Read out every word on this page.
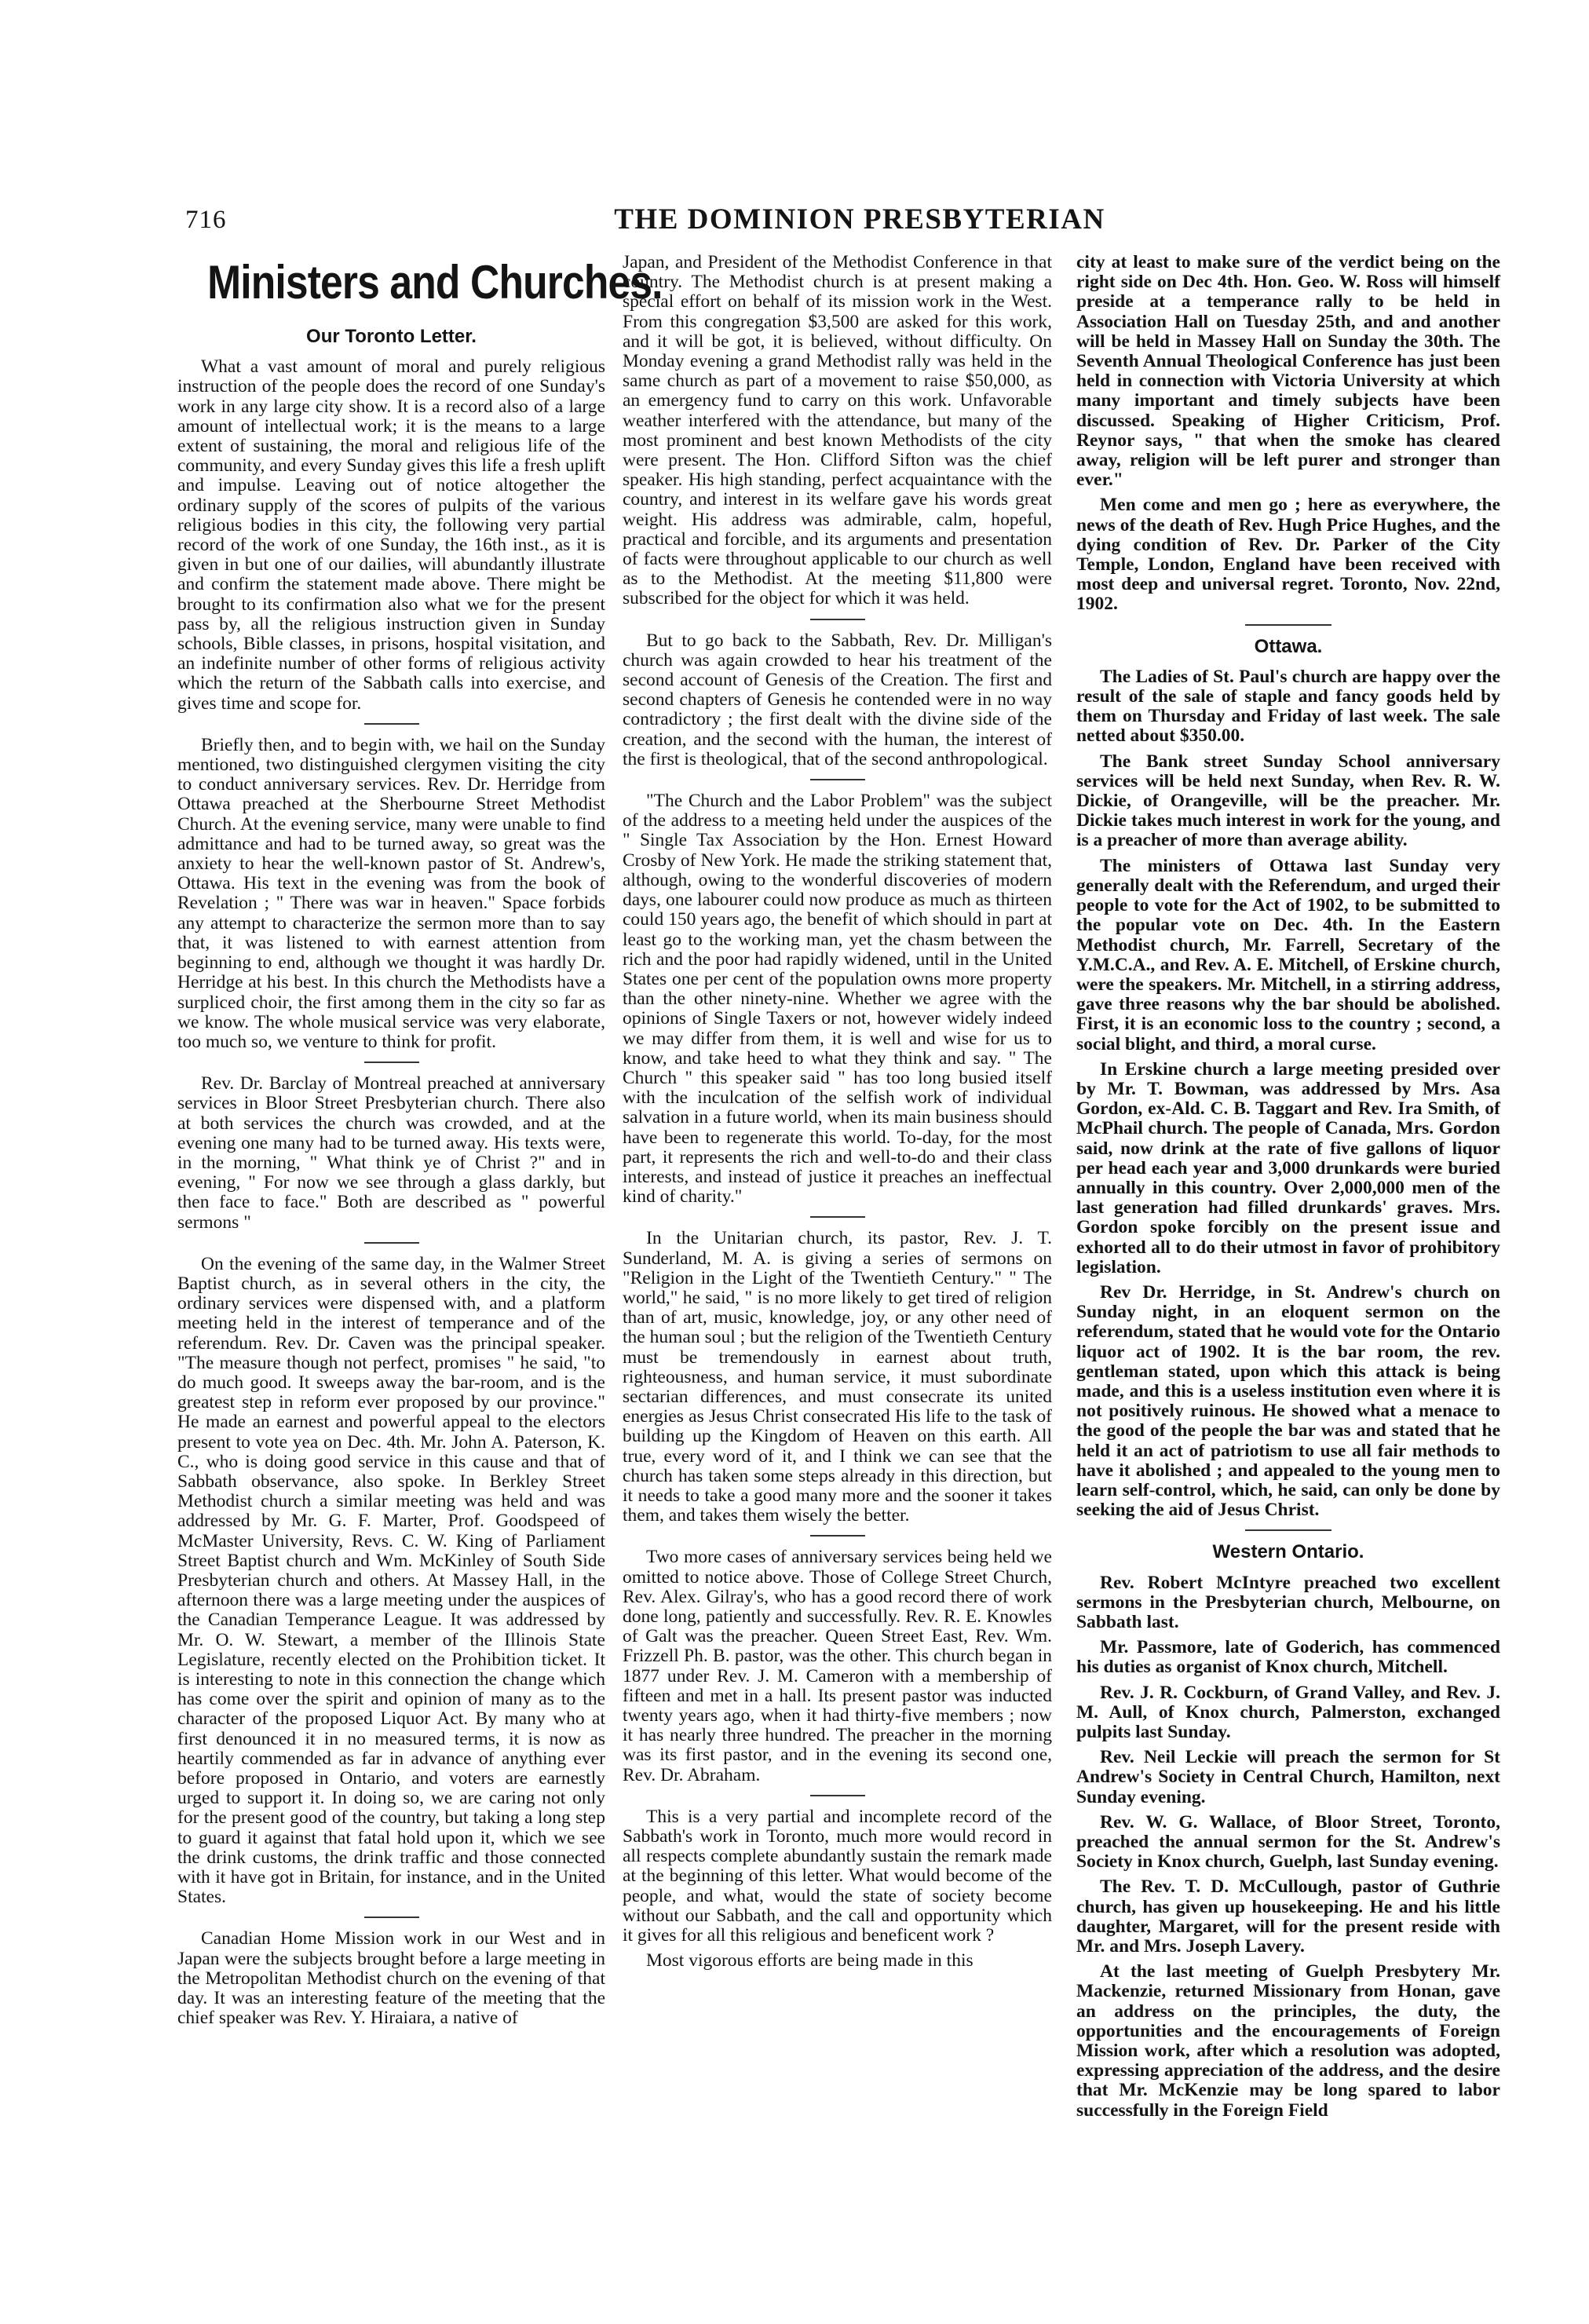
716	THE DOMINION PRESBYTERIAN
Ministers and Churches.
Our Toronto Letter.

What a vast amount of moral and purely religious instruction of the people does the record of one Sunday's work in any large city show. It is a record also of a large amount of intellectual work; it is the means to a large extent of sustaining, the moral and religious life of the community, and every Sunday gives this life a fresh uplift and impulse. Leaving out of notice altogether the ordinary supply of the scores of pulpits of the various religious bodies in this city, the following very partial record of the work of one Sunday, the 16th inst., as it is given in but one of our dailies, will abundantly illustrate and confirm the statement made above. There might be brought to its confirmation also what we for the present pass by, all the religious instruction given in Sunday schools, Bible classes, in prisons, hospital visitation, and an indefinite number of other forms of religious activity which the return of the Sabbath calls into exercise, and gives time and scope for.

Briefly then, and to begin with, we hail on the Sunday mentioned, two distinguished clergymen visiting the city to conduct anniversary services. Rev. Dr. Herridge from Ottawa preached at the Sherbourne Street Methodist Church. At the evening service, many were unable to find admittance and had to be turned away, so great was the anxiety to hear the well-known pastor of St. Andrew's, Ottawa. His text in the evening was from the book of Revelation ; " There was war in heaven." Space forbids any attempt to characterize the sermon more than to say that, it was listened to with earnest attention from beginning to end, although we thought it was hardly Dr. Herridge at his best. In this church the Methodists have a surpliced choir, the first among them in the city so far as we know. The whole musical service was very elaborate, too much so, we venture to think for profit.

Rev. Dr. Barclay of Montreal preached at anniversary services in Bloor Street Presbyterian church. There also at both services the church was crowded, and at the evening one many had to be turned away. His texts were, in the morning, " What think ye of Christ ?" and in evening, " For now we see through a glass darkly, but then face to face." Both are described as " powerful sermons "

On the evening of the same day, in the Walmer Street Baptist church, as in several others in the city, the ordinary services were dispensed with, and a platform meeting held in the interest of temperance and of the referendum. Rev. Dr. Caven was the principal speaker. "The measure though not perfect, promises " he said, "to do much good. It sweeps away the bar-room, and is the greatest step in reform ever proposed by our province." He made an earnest and powerful appeal to the electors present to vote yea on Dec. 4th. Mr. John A. Paterson, K. C., who is doing good service in this cause and that of Sabbath observance, also spoke. In Berkley Street Methodist church a similar meeting was held and was addressed by Mr. G. F. Marter, Prof. Goodspeed of McMaster University, Revs. C. W. King of Parliament Street Baptist church and Wm. McKinley of South Side Presbyterian church and others. At Massey Hall, in the afternoon there was a large meeting under the auspices of the Canadian Temperance League. It was addressed by Mr. O. W. Stewart, a member of the Illinois State Legislature, recently elected on the Prohibition ticket. It is interesting to note in this connection the change which has come over the spirit and opinion of many as to the character of the proposed Liquor Act. By many who at first denounced it in no measured terms, it is now as heartily commended as far in advance of anything ever before proposed in Ontario, and voters are earnestly urged to support it. In doing so, we are caring not only for the present good of the country, but taking a long step to guard it against that fatal hold upon it, which we see the drink customs, the drink traffic and those connected with it have got in Britain, for instance, and in the United States.

Canadian Home Mission work in our West and in Japan were the subjects brought before a large meeting in the Metropolitan Methodist church on the evening of that day. It was an interesting feature of the meeting that the chief speaker was Rev. Y. Hiraiara, a native of

Japan, and President of the Methodist Conference in that country. The Methodist church is at present making a special effort on behalf of its mission work in the West. From this congregation $3,500 are asked for this work, and it will be got, it is believed, without difficulty. On Monday evening a grand Methodist rally was held in the same church as part of a movement to raise $50,000, as an emergency fund to carry on this work. Unfavorable weather interfered with the attendance, but many of the most prominent and best known Methodists of the city were present. The Hon. Clifford Sifton was the chief speaker. His high standing, perfect acquaintance with the country, and interest in its welfare gave his words great weight. His address was admirable, calm, hopeful, practical and forcible, and its arguments and presentation of facts were throughout applicable to our church as well as to the Methodist. At the meeting $11,800 were subscribed for the object for which it was held.

But to go back to the Sabbath, Rev. Dr. Milligan's church was again crowded to hear his treatment of the second account of Genesis of the Creation. The first and second chapters of Genesis he contended were in no way contradictory ; the first dealt with the divine side of the creation, and the second with the human, the interest of the first is theological, that of the second anthropological.

"The Church and the Labor Problem" was the subject of the address to a meeting held under the auspices of the " Single Tax Association by the Hon. Ernest Howard Crosby of New York. He made the striking statement that, although, owing to the wonderful discoveries of modern days, one labourer could now produce as much as thirteen could 150 years ago, the benefit of which should in part at least go to the working man, yet the chasm between the rich and the poor had rapidly widened, until in the United States one per cent of the population owns more property than the other ninety-nine. Whether we agree with the opinions of Single Taxers or not, however widely indeed we may differ from them, it is well and wise for us to know, and take heed to what they think and say. " The Church " this speaker said " has too long busied itself with the inculcation of the selfish work of individual salvation in a future world, when its main business should have been to regenerate this world. To-day, for the most part, it represents the rich and well-to-do and their class interests, and instead of justice it preaches an ineffectual kind of charity."

In the Unitarian church, its pastor, Rev. J. T. Sunderland, M. A. is giving a series of sermons on "Religion in the Light of the Twentieth Century." " The world," he said, " is no more likely to get tired of religion than of art, music, knowledge, joy, or any other need of the human soul ; but the religion of the Twentieth Century must be tremendously in earnest about truth, righteousness, and human service, it must subordinate sectarian differences, and must consecrate its united energies as Jesus Christ consecrated His life to the task of building up the Kingdom of Heaven on this earth. All true, every word of it, and I think we can see that the church has taken some steps already in this direction, but it needs to take a good many more and the sooner it takes them, and takes them wisely the better.

Two more cases of anniversary services being held we omitted to notice above. Those of College Street Church, Rev. Alex. Gilray's, who has a good record there of work done long, patiently and successfully. Rev. R. E. Knowles of Galt was the preacher. Queen Street East, Rev. Wm. Frizzell Ph. B. pastor, was the other. This church began in 1877 under Rev. J. M. Cameron with a membership of fifteen and met in a hall. Its present pastor was inducted twenty years ago, when it had thirty-five members ; now it has nearly three hundred. The preacher in the morning was its first pastor, and in the evening its second one, Rev. Dr. Abraham.

This is a very partial and incomplete record of the Sabbath's work in Toronto, much more would record in all respects complete abundantly sustain the remark made at the beginning of this letter. What would become of the people, and what, would the state of society become without our Sabbath, and the call and opportunity which it gives for all this religious and beneficent work ?

Most vigorous efforts are being made in this

city at least to make sure of the verdict being on the right side on Dec 4th. Hon. Geo. W. Ross will himself preside at a temperance rally to be held in Association Hall on Tuesday 25th, and and another will be held in Massey Hall on Sunday the 30th. The Seventh Annual Theological Conference has just been held in connection with Victoria University at which many important and timely subjects have been discussed. Speaking of Higher Criticism, Prof. Reynor says, " that when the smoke has cleared away, religion will be left purer and stronger than ever."

Men come and men go ; here as everywhere, the news of the death of Rev. Hugh Price Hughes, and the dying condition of Rev. Dr. Parker of the City Temple, London, England have been received with most deep and universal regret. Toronto, Nov. 22nd, 1902.

Ottawa.

The Ladies of St. Paul's church are happy over the result of the sale of staple and fancy goods held by them on Thursday and Friday of last week. The sale netted about $350.00.

The Bank street Sunday School anniversary services will be held next Sunday, when Rev. R. W. Dickie, of Orangeville, will be the preacher. Mr. Dickie takes much interest in work for the young, and is a preacher of more than average ability.

The ministers of Ottawa last Sunday very generally dealt with the Referendum, and urged their people to vote for the Act of 1902, to be submitted to the popular vote on Dec. 4th. In the Eastern Methodist church, Mr. Farrell, Secretary of the Y.M.C.A., and Rev. A. E. Mitchell, of Erskine church, were the speakers. Mr. Mitchell, in a stirring address, gave three reasons why the bar should be abolished. First, it is an economic loss to the country ; second, a social blight, and third, a moral curse.

In Erskine church a large meeting presided over by Mr. T. Bowman, was addressed by Mrs. Asa Gordon, ex-Ald. C. B. Taggart and Rev. Ira Smith, of McPhail church. The people of Canada, Mrs. Gordon said, now drink at the rate of five gallons of liquor per head each year and 3,000 drunkards were buried annually in this country. Over 2,000,000 men of the last generation had filled drunkards' graves. Mrs. Gordon spoke forcibly on the present issue and exhorted all to do their utmost in favor of prohibitory legislation.

Rev Dr. Herridge, in St. Andrew's church on Sunday night, in an eloquent sermon on the referendum, stated that he would vote for the Ontario liquor act of 1902. It is the bar room, the rev. gentleman stated, upon which this attack is being made, and this is a useless institution even where it is not positively ruinous. He showed what a menace to the good of the people the bar was and stated that he held it an act of patriotism to use all fair methods to have it abolished ; and appealed to the young men to learn self-control, which, he said, can only be done by seeking the aid of Jesus Christ.

Western Ontario.

Rev. Robert McIntyre preached two excellent sermons in the Presbyterian church, Melbourne, on Sabbath last.

Mr. Passmore, late of Goderich, has commenced his duties as organist of Knox church, Mitchell.

Rev. J. R. Cockburn, of Grand Valley, and Rev. J. M. Aull, of Knox church, Palmerston, exchanged pulpits last Sunday.

Rev. Neil Leckie will preach the sermon for St Andrew's Society in Central Church, Hamilton, next Sunday evening.

Rev. W. G. Wallace, of Bloor Street, Toronto, preached the annual sermon for the St. Andrew's Society in Knox church, Guelph, last Sunday evening.

The Rev. T. D. McCullough, pastor of Guthrie church, has given up housekeeping. He and his little daughter, Margaret, will for the present reside with Mr. and Mrs. Joseph Lavery.

At the last meeting of Guelph Presbytery Mr. Mackenzie, returned Missionary from Honan, gave an address on the principles, the duty, the opportunities and the encouragements of Foreign Mission work, after which a resolution was adopted, expressing appreciation of the address, and the desire that Mr. McKenzie may be long spared to labor successfully in the Foreign Field
